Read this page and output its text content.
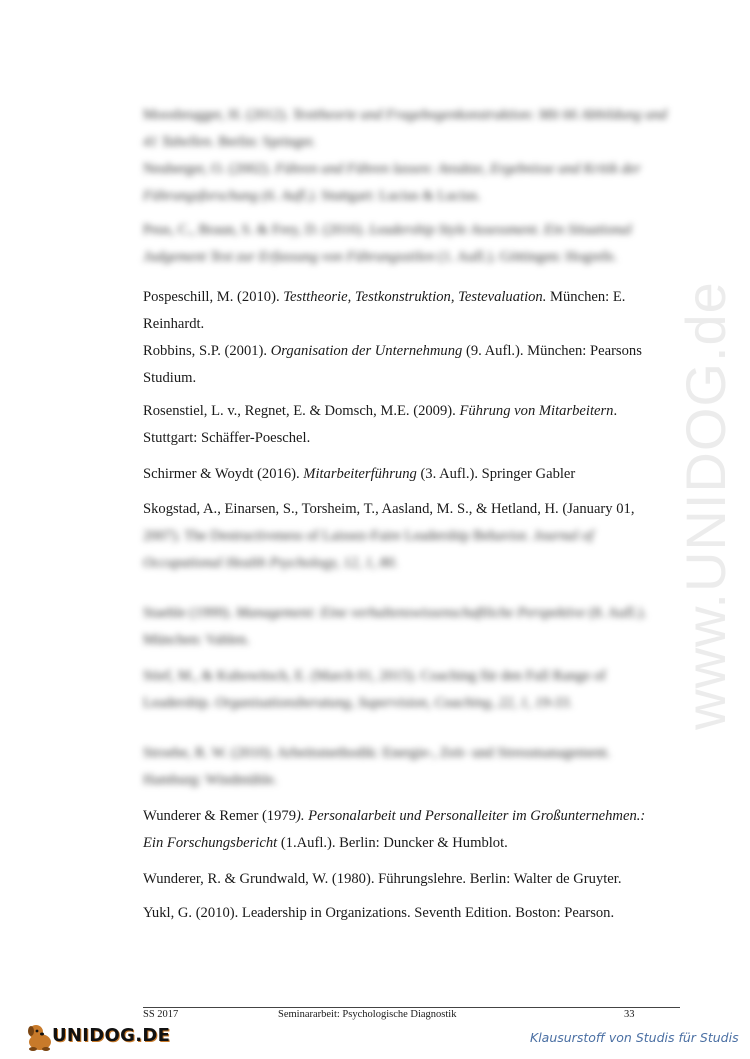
www.UNIDOG.de

Moosbrugger, H. (2012). Testtheorie und Fragebogenkonstruktion: Mit 66 Abbildung und 41 Tabellen. Berlin: Springer.

Neuberger, O. (2002). Führen und Führen lassen: Ansätze, Ergebnisse und Kritik der Führungsforschung (6. Aufl.). Stuttgart: Lucius & Lucius.

Peus, C., Braun, S. & Frey, D. (2016). Leadership Style Assessment. Ein Situational Judgement Test zur Erfassung von Führungsstilen (1. Aufl.). Göttingen: Hogrefe.

Pospeschill, M. (2010). Testtheorie, Testkonstruktion, Testevaluation. München: E. Reinhardt.

Robbins, S.P. (2001). Organisation der Unternehmung (9. Aufl.). München: Pearsons Studium.

Rosenstiel, L. v., Regnet, E. & Domsch, M.E. (2009). Führung von Mitarbeitern. Stuttgart: Schäffer-Poeschel.

Schirmer & Woydt (2016). Mitarbeiterführung (3. Aufl.). Springer Gabler

Skogstad, A., Einarsen, S., Torsheim, T., Aasland, M. S., & Hetland, H. (January 01,

2007). The Destructiveness of Laissez-Faire Leadership Behavior. Journal of Occupational Health Psychology, 12, 1, 80.

Staehle (1999). Management: Eine verhaltenswissenschaftliche Perspektive (8. Aufl.). München: Vahlen.

Stief, M., & Kubowitsch, E. (March 01, 2015). Coaching für den Full Range of Leadership. Organisationsberatung, Supervision, Coaching, 22, 1, 19-33.

Stroebe, R. W. (2010). Arbeitsmethodik: Energie-, Zeit- und Stressmanagement. Hamburg: Windmühle.

Wunderer & Remer (1979). Personalarbeit und Personalleiter im Großunternehmen.: Ein Forschungsbericht (1.Aufl.). Berlin: Duncker & Humblot.

Wunderer, R. & Grundwald, W. (1980). Führungslehre. Berlin: Walter de Gruyter.

Yukl, G. (2010). Leadership in Organizations. Seventh Edition. Boston: Pearson.

SS 2017	Seminararbeit: Psychologische Diagnostik	33
UNIDOG.DE	Klausurstoff von Studis für Studis
